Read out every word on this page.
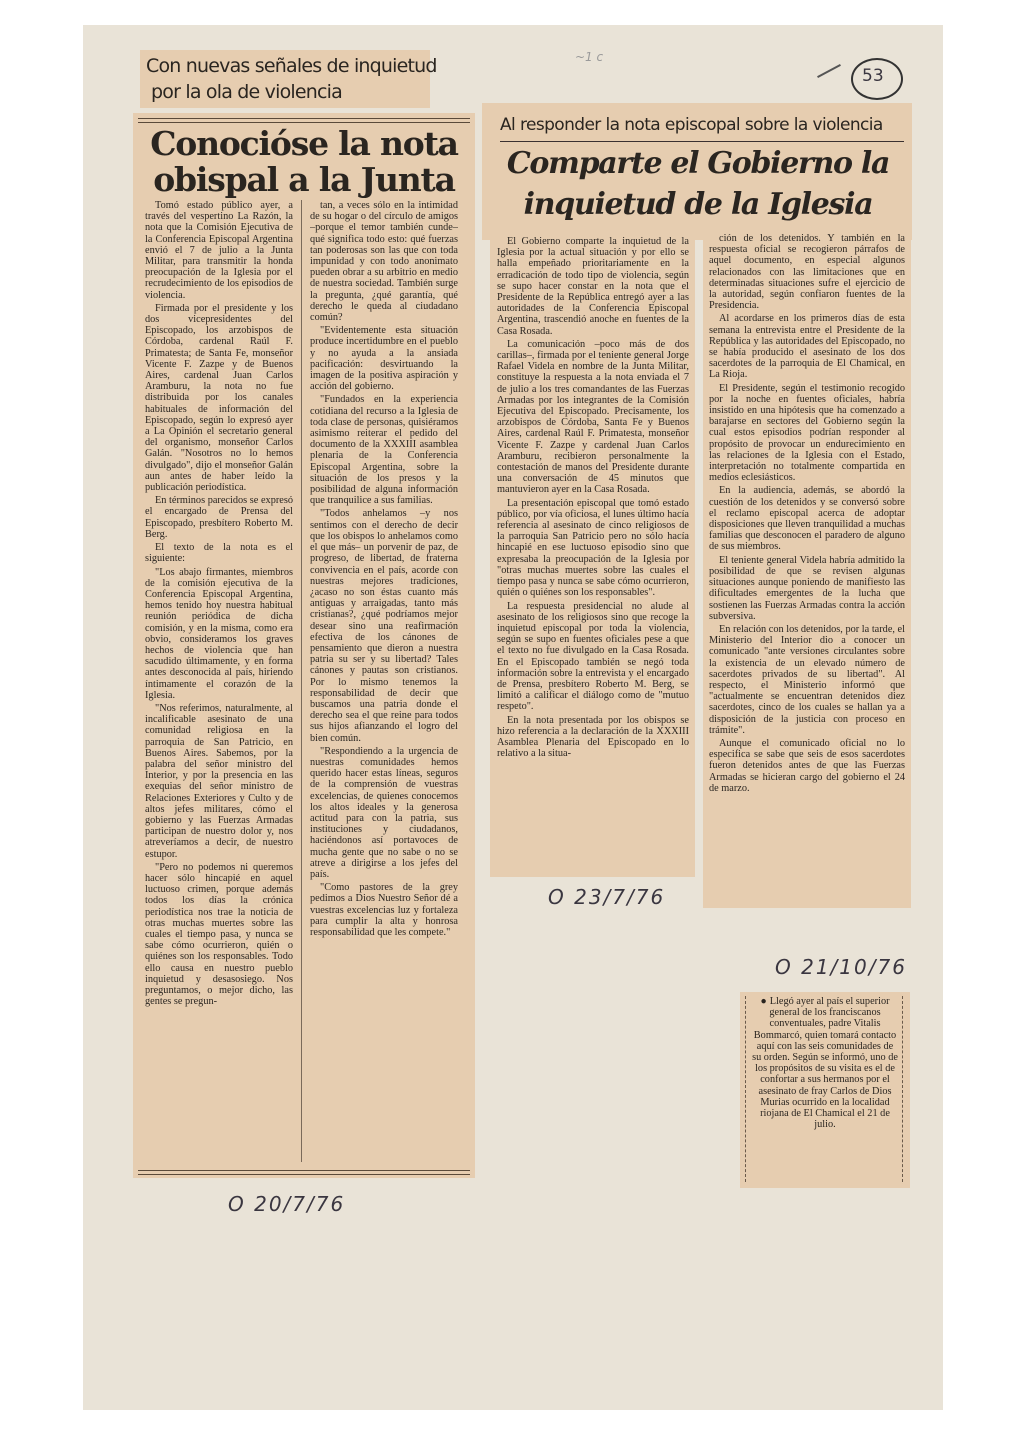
53
~1 c
Con nuevas señales de inquietud
por la ola de violencia
Conocióse la nota
obispal a la Junta

Tomó estado público ayer, a través del vespertino La Razón, la nota que la Comisión Ejecutiva de la Conferencia Episcopal Argentina envió el 7 de julio a la Junta Militar, para transmitir la honda preocupación de la Iglesia por el recrudecimiento de los episodios de violencia.

Firmada por el presidente y los dos vicepresidentes del Episcopado, los arzobispos de Córdoba, cardenal Raúl F. Primatesta; de Santa Fe, monseñor Vicente F. Zazpe y de Buenos Aires, cardenal Juan Carlos Aramburu, la nota no fue distribuida por los canales habituales de información del Episcopado, según lo expresó ayer a La Opinión el secretario general del organismo, monseñor Carlos Galán. "Nosotros no lo hemos divulgado", dijo el monseñor Galán aun antes de haber leído la publicación periodística.

En términos parecidos se expresó el encargado de Prensa del Episcopado, presbítero Roberto M. Berg.

El texto de la nota es el siguiente:

"Los abajo firmantes, miembros de la comisión ejecutiva de la Conferencia Episcopal Argentina, hemos tenido hoy nuestra habitual reunión periódica de dicha comisión, y en la misma, como era obvio, consideramos los graves hechos de violencia que han sacudido últimamente, y en forma antes desconocida al país, hiriendo íntimamente el corazón de la Iglesia.

"Nos referimos, naturalmente, al incalificable asesinato de una comunidad religiosa en la parroquia de San Patricio, en Buenos Aires. Sabemos, por la palabra del señor ministro del Interior, y por la presencia en las exequias del señor ministro de Relaciones Exteriores y Culto y de altos jefes militares, cómo el gobierno y las Fuerzas Armadas participan de nuestro dolor y, nos atreveríamos a decir, de nuestro estupor.

"Pero no podemos ni queremos hacer sólo hincapié en aquel luctuoso crimen, porque además todos los días la crónica periodística nos trae la noticia de otras muchas muertes sobre las cuales el tiempo pasa, y nunca se sabe cómo ocurrieron, quién o quiénes son los responsables. Todo ello causa en nuestro pueblo inquietud y desasosiego. Nos preguntamos, o mejor dicho, las gentes se pregun-

tan, a veces sólo en la intimidad de su hogar o del círculo de amigos –porque el temor también cunde– qué significa todo esto: qué fuerzas tan poderosas son las que con toda impunidad y con todo anonimato pueden obrar a su arbitrio en medio de nuestra sociedad. También surge la pregunta, ¿qué garantía, qué derecho le queda al ciudadano común?

"Evidentemente esta situación produce incertidumbre en el pueblo y no ayuda a la ansiada pacificación: desvirtuando la imagen de la positiva aspiración y acción del gobierno.

"Fundados en la experiencia cotidiana del recurso a la Iglesia de toda clase de personas, quisiéramos asimismo reiterar el pedido del documento de la XXXIII asamblea plenaria de la Conferencia Episcopal Argentina, sobre la situación de los presos y la posibilidad de alguna información que tranquilice a sus familias.

"Todos anhelamos –y nos sentimos con el derecho de decir que los obispos lo anhelamos como el que más– un porvenir de paz, de progreso, de libertad, de fraterna convivencia en el país, acorde con nuestras mejores tradiciones, ¿acaso no son éstas cuanto más antiguas y arraigadas, tanto más cristianas?, ¿qué podríamos mejor desear sino una reafirmación efectiva de los cánones de pensamiento que dieron a nuestra patria su ser y su libertad? Tales cánones y pautas son cristianos. Por lo mismo tenemos la responsabilidad de decir que buscamos una patria donde el derecho sea el que reine para todos sus hijos afianzando el logro del bien común.

"Respondiendo a la urgencia de nuestras comunidades hemos querido hacer estas líneas, seguros de la comprensión de vuestras excelencias, de quienes conocemos los altos ideales y la generosa actitud para con la patria, sus instituciones y ciudadanos, haciéndonos así portavoces de mucha gente que no sabe o no se atreve a dirigirse a los jefes del país.

"Como pastores de la grey pedimos a Dios Nuestro Señor dé a vuestras excelencias luz y fortaleza para cumplir la alta y honrosa responsabilidad que les compete."

O 20/7/76
Al responder la nota episcopal sobre la violencia
Comparte el Gobierno la
inquietud de la Iglesia

El Gobierno comparte la inquietud de la Iglesia por la actual situación y por ello se halla empeñado prioritariamente en la erradicación de todo tipo de violencia, según se supo hacer constar en la nota que el Presidente de la República entregó ayer a las autoridades de la Conferencia Episcopal Argentina, trascendió anoche en fuentes de la Casa Rosada.

La comunicación –poco más de dos carillas–, firmada por el teniente general Jorge Rafael Videla en nombre de la Junta Militar, constituye la respuesta a la nota enviada el 7 de julio a los tres comandantes de las Fuerzas Armadas por los integrantes de la Comisión Ejecutiva del Episcopado. Precisamente, los arzobispos de Córdoba, Santa Fe y Buenos Aires, cardenal Raúl F. Primatesta, monseñor Vicente F. Zazpe y cardenal Juan Carlos Aramburu, recibieron personalmente la contestación de manos del Presidente durante una conversación de 45 minutos que mantuvieron ayer en la Casa Rosada.

La presentación episcopal que tomó estado público, por vía oficiosa, el lunes último hacía referencia al asesinato de cinco religiosos de la parroquia San Patricio pero no sólo hacía hincapié en ese luctuoso episodio sino que expresaba la preocupación de la Iglesia por "otras muchas muertes sobre las cuales el tiempo pasa y nunca se sabe cómo ocurrieron, quién o quiénes son los responsables".

La respuesta presidencial no alude al asesinato de los religiosos sino que recoge la inquietud episcopal por toda la violencia, según se supo en fuentes oficiales pese a que el texto no fue divulgado en la Casa Rosada. En el Episcopado también se negó toda información sobre la entrevista y el encargado de Prensa, presbítero Roberto M. Berg, se limitó a calificar el diálogo como de "mutuo respeto".

En la nota presentada por los obispos se hizo referencia a la declaración de la XXXIII Asamblea Plenaria del Episcopado en lo relativo a la situa-

ción de los detenidos. Y también en la respuesta oficial se recogieron párrafos de aquel documento, en especial algunos relacionados con las limitaciones que en determinadas situaciones sufre el ejercicio de la autoridad, según confiaron fuentes de la Presidencia.

Al acordarse en los primeros días de esta semana la entrevista entre el Presidente de la República y las autoridades del Episcopado, no se había producido el asesinato de los dos sacerdotes de la parroquia de El Chamical, en La Rioja.

El Presidente, según el testimonio recogido por la noche en fuentes oficiales, habría insistido en una hipótesis que ha comenzado a barajarse en sectores del Gobierno según la cual estos episodios podrían responder al propósito de provocar un endurecimiento en las relaciones de la Iglesia con el Estado, interpretación no totalmente compartida en medios eclesiásticos.

En la audiencia, además, se abordó la cuestión de los detenidos y se conversó sobre el reclamo episcopal acerca de adoptar disposiciones que lleven tranquilidad a muchas familias que desconocen el paradero de alguno de sus miembros.

El teniente general Videla habría admitido la posibilidad de que se revisen algunas situaciones aunque poniendo de manifiesto las dificultades emergentes de la lucha que sostienen las Fuerzas Armadas contra la acción subversiva.

En relación con los detenidos, por la tarde, el Ministerio del Interior dio a conocer un comunicado "ante versiones circulantes sobre la existencia de un elevado número de sacerdotes privados de su libertad". Al respecto, el Ministerio informó que "actualmente se encuentran detenidos diez sacerdotes, cinco de los cuales se hallan ya a disposición de la justicia con proceso en trámite".

Aunque el comunicado oficial no lo especifica se sabe que seis de esos sacerdotes fueron detenidos antes de que las Fuerzas Armadas se hicieran cargo del gobierno el 24 de marzo.

O 23/7/76
O 21/10/76
● Llegó ayer al país el superior general de los franciscanos conventuales, padre Vitalis Bommarcó, quien tomará contacto aquí con las seis comunidades de su orden. Según se informó, uno de los propósitos de su visita es el de confortar a sus hermanos por el asesinato de fray Carlos de Dios Murias ocurrido en la localidad riojana de El Chamical el 21 de julio.
